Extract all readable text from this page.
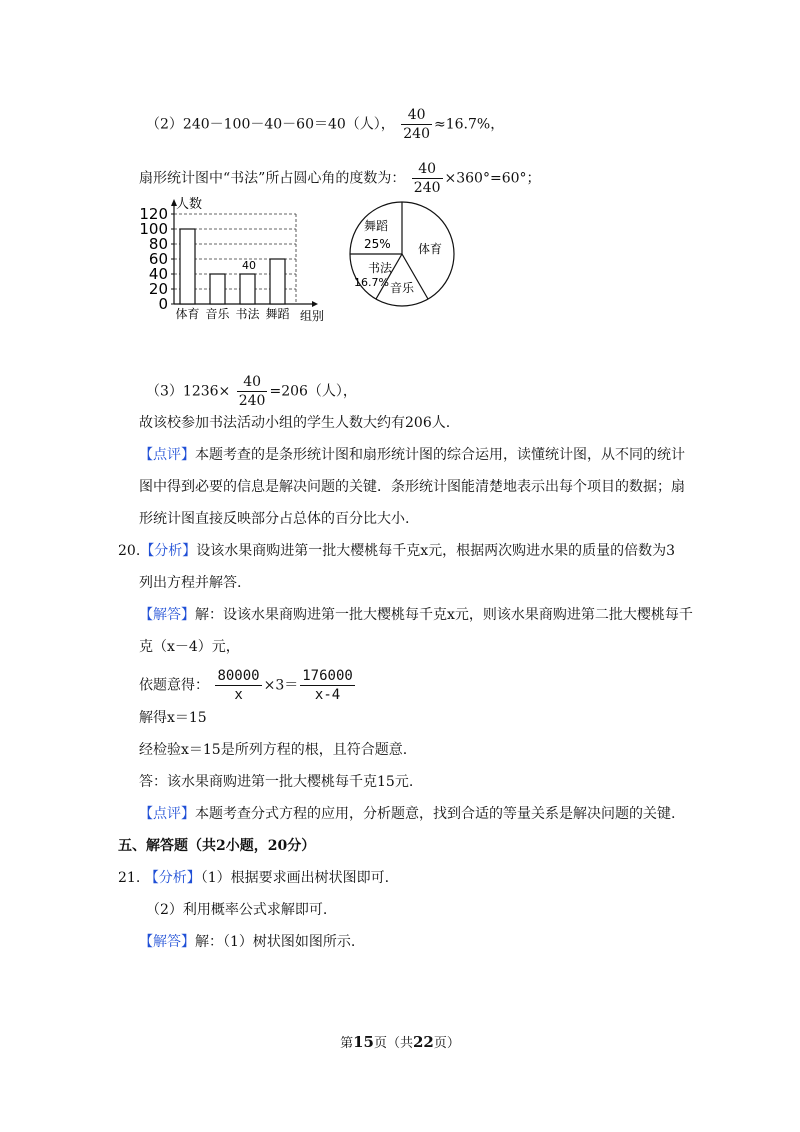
（2）240－100－40－60＝40（人）， $\frac{40}{240} \approx 16.7\%$，
扇形统计图中“书法”所占圆心角的度数为： $\frac{40}{240} \times 360^\circ=60^\circ$；
0
20
40
60
80
100
120
体育 音乐 书法 舞蹈
人数
组别
40
舞蹈
25% 体育
音乐
书法
16.7%
$(3)1236\times \frac{40}{240} =206$（人），
故该校参加书法活动小组的学生人数大约有206人.
【点评】本题考查的是条形统计图和扇形统计图的综合运用，读懂统计图，从不同的统计
图中得到必要的信息是解决问题的关键．条形统计图能清楚地表示出每个项目的数据；扇
形统计图直接反映部分占总体的百分比大小.
20.【分析】设该水果商购进第一批大樱桃每千克x元，根据两次购进水果的质量的倍数为3
列出方程并解答.
【解答】解：设该水果商购进第一批大樱桃每千克x元，则该水果商购进第二批大樱桃每千
克（x－4）元，
依题意得： $\frac{80000}{x} \times 3= \frac{176000}{x-4}$
解得x＝15
经检验x＝15是所列方程的根，且符合题意.
答：该水果商购进第一批大樱桃每千克15元.
【点评】本题考查分式方程的应用，分析题意，找到合适的等量关系是解决问题的关键.
五、解答题（共2小题，20分）
21. 【分析】（1）根据要求画出树状图即可.
（2）利用概率公式求解即可.
【解答】解：（1）树状图如图所示.
第15页（共22页）
